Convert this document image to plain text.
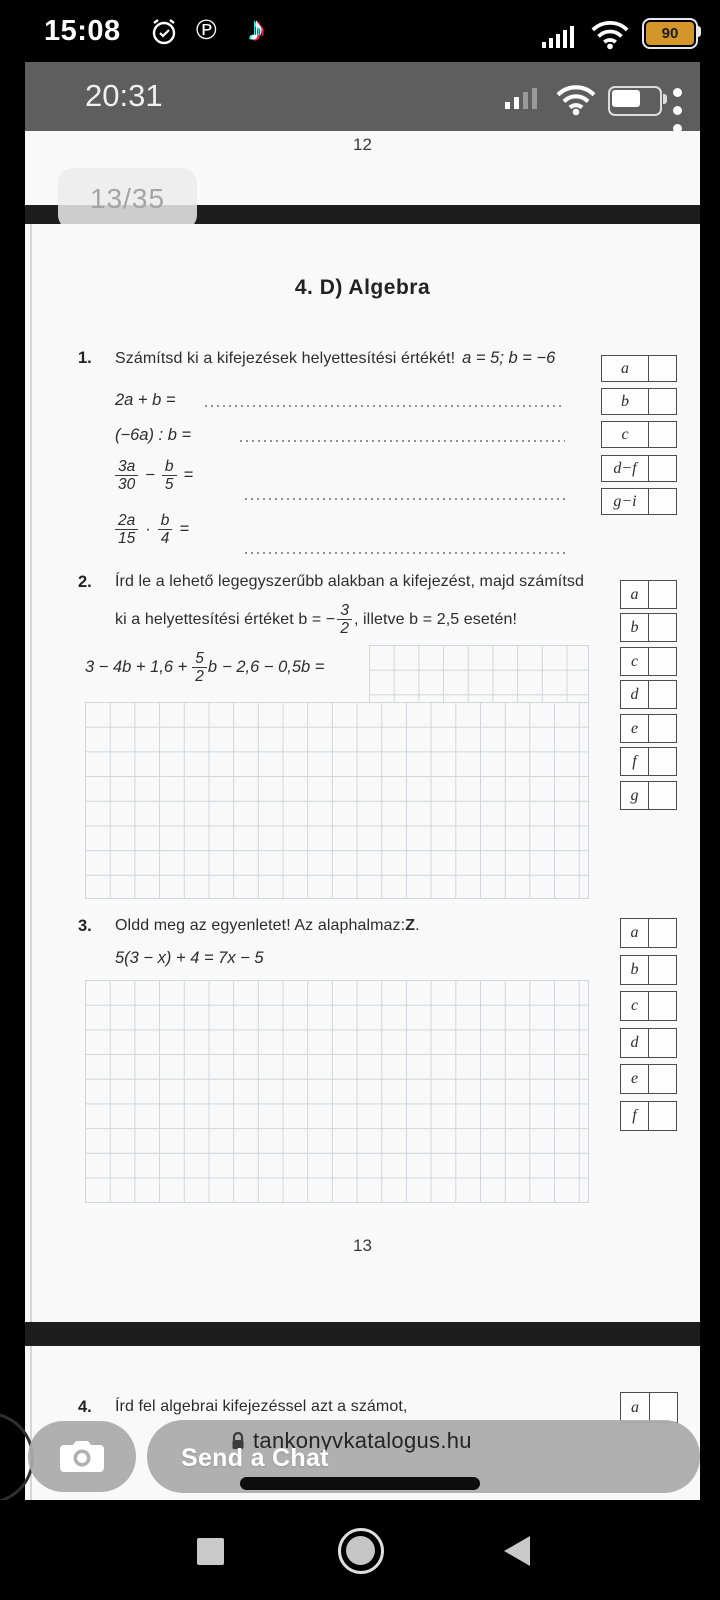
15:08	℗ ♪	90
20:31
12
13/35
4. D) Algebra
1. Számítsd ki a kifejezések helyettesítési értékét! a = 5; b = −6
2a + b =
(−6a) : b =
$\frac{3a}{30} - \frac{b}{5}$ =
$\frac{2a}{15} \cdot \frac{b}{4}$ =
a
b
c
d−f
g−i
2. Írd le a lehető legegyszerűbb alakban a kifejezést, majd számítsd
ki a helyettesítési értéket b = − $\frac{3}{2}$ , illetve b = 2,5 esetén!
$3 - 4b + 1,6 + \frac{5}{2}$ b − 2,6 − 0,5b =
a
b
c
d
e
f
g
3. Oldd meg az egyenletet! Az alaphalmaz: Z .
5(3 − x) + 4 = 7x − 5
a
b
c
d
e
f
13
4. Írd fel algebrai kifejezéssel azt a számot,	a
tankonyvkatalogus.hu
Send a Chat
